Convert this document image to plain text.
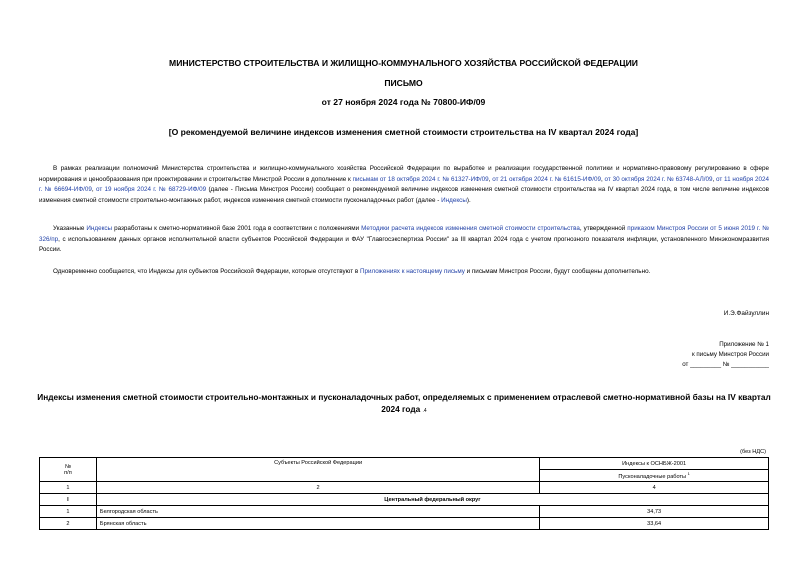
МИНИСТЕРСТВО СТРОИТЕЛЬСТВА И ЖИЛИЩНО-КОММУНАЛЬНОГО ХОЗЯЙСТВА РОССИЙСКОЙ ФЕДЕРАЦИИ
ПИСЬМО
от 27 ноября 2024 года № 70800-ИФ/09
[О рекомендуемой величине индексов изменения сметной стоимости строительства на IV квартал 2024 года]
В рамках реализации полномочий Министерства строительства и жилищно-коммунального хозяйства Российской Федерации по выработке и реализации государственной политики и нормативно-правовому регулированию в сфере нормирования и ценообразования при проектировании и строительстве Минстрой России в дополнение к письмам от 18 октября 2024 г. № 61327-ИФ/09, от 21 октября 2024 г. № 61615-ИФ/09, от 30 октября 2024 г. № 63748-АЛ/09, от 11 ноября 2024 г. № 66694-ИФ/09, от 19 ноября 2024 г. № 68729-ИФ/09 (далее - Письма Минстроя России) сообщает о рекомендуемой величине индексов изменения сметной стоимости строительства на IV квартал 2024 года, в том числе величине индексов изменения сметной стоимости строительно-монтажных работ, индексов изменения сметной стоимости пусконаладочных работ (далее - Индексы).
Указанные Индексы разработаны к сметно-нормативной базе 2001 года в соответствии с положениями Методики расчета индексов изменения сметной стоимости строительства, утвержденной приказом Минстроя России от 5 июня 2019 г. № 326/пр, с использованием данных органов исполнительной власти субъектов Российской Федерации и ФАУ "Главгосэкспертиза России" за III квартал 2024 года с учетом прогнозного показателя инфляции, установленного Минэкономразвития России.
Одновременно сообщается, что Индексы для субъектов Российской Федерации, которые отсутствуют в Приложениях к настоящему письму и письмам Минстроя России, будут сообщены дополнительно.
И.Э.Файзуллин
Приложение № 1
к письму Минстроя России
от _________ № ___________
Индексы изменения сметной стоимости строительно-монтажных и пусконаладочных работ, определяемых с применением отраслевой сметно-нормативной базы на IV квартал 2024 года .4
(без НДС)
№
п/п	Субъекты Российской Федерации	Индексы к ОСНБЖ-2001
		Пусконаладочные работы $^1$
1	2	4
I	Центральный федеральный округ	
1	Белгородская область	34,73
2	Брянская область	33,64
